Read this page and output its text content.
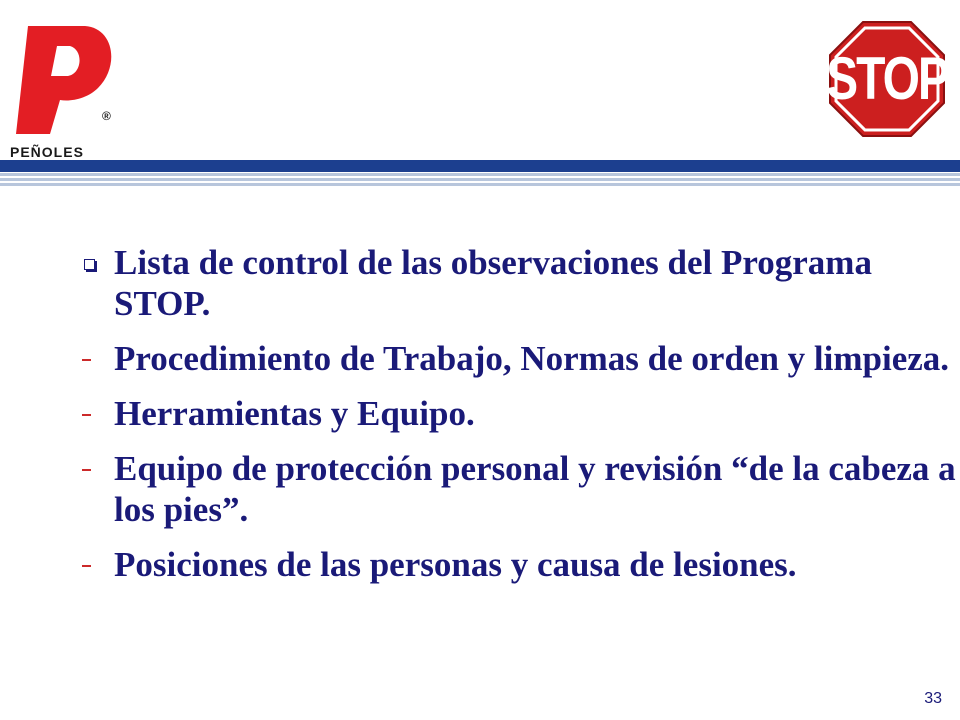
®
PEÑOLES
STOP
Lista de control de las observaciones del Programa STOP.
Procedimiento de Trabajo, Normas de orden y limpieza.
Herramientas y Equipo.
Equipo de protección personal y revisión “de la cabeza a los pies”.
Posiciones de las personas y causa de lesiones.
33
